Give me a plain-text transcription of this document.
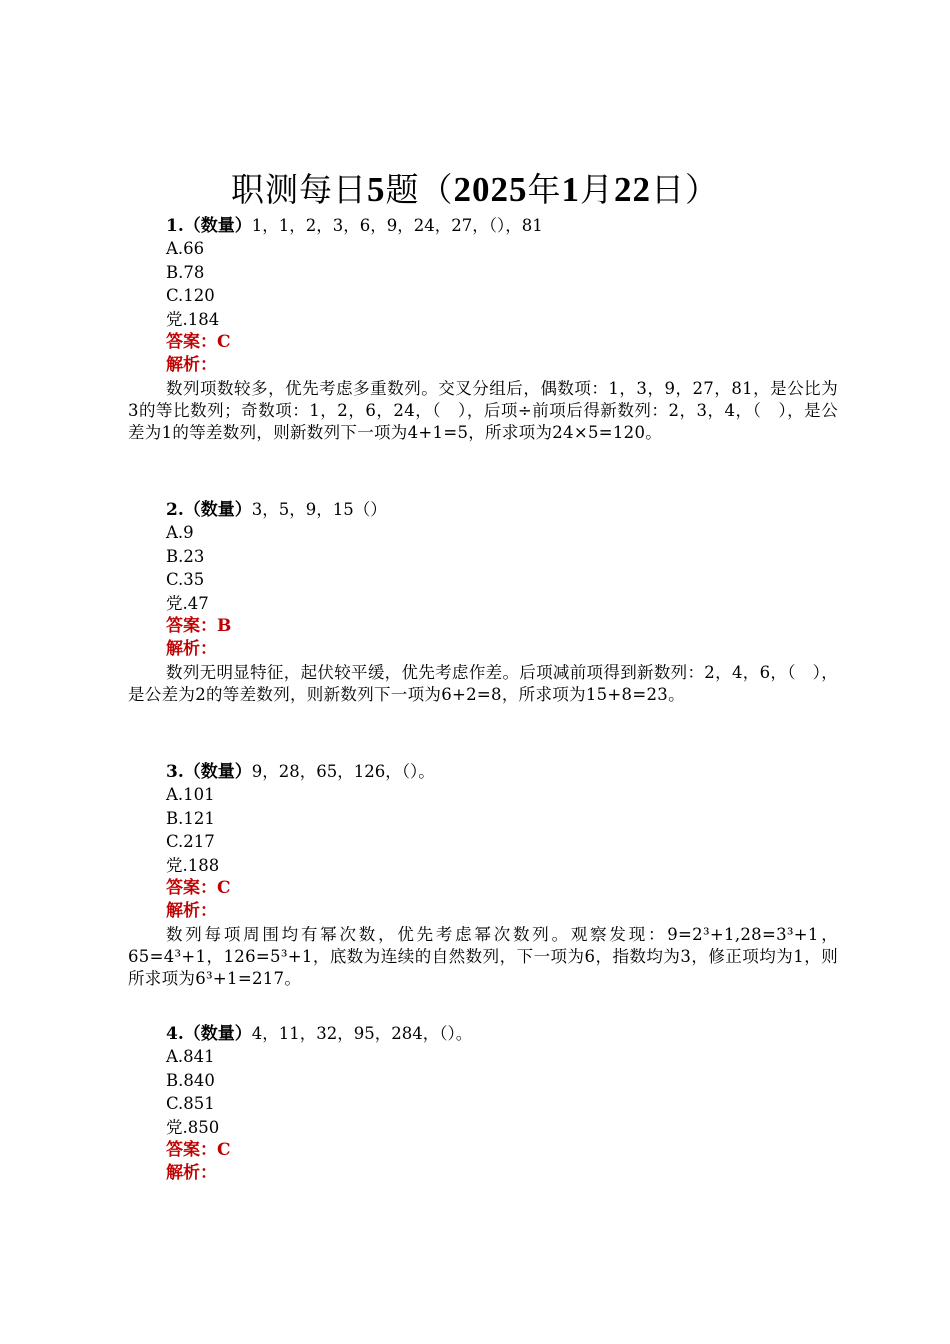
职测每日5题（2025年1月22日）
1.（数量）1，1，2，3，6，9，24，27，（），81
A.66
B.78
C.120
党.184
答案：C
解析：
数列项数较多，优先考虑多重数列。交叉分组后，偶数项：1，3，9，27，81，是公比为3的等比数列；奇数项：1，2，6，24，（　），后项÷前项后得新数列：2，3，4，（　），是公差为1的等差数列，则新数列下一项为4+1=5，所求项为24×5=120。
2.（数量）3，5，9，15（）
A.9
B.23
C.35
党.47
答案：B
解析：
数列无明显特征，起伏较平缓，优先考虑作差。后项减前项得到新数列：2，4，6，（　），是公差为2的等差数列，则新数列下一项为6+2=8，所求项为15+8=23。
3.（数量）9，28，65，126，（）。
A.101
B.121
C.217
党.188
答案：C
解析：
数列每项周围均有幂次数，优先考虑幂次数列。观察发现：9=2³+1,28=3³+1，65=4³+1，126=5³+1，底数为连续的自然数列，下一项为6，指数均为3，修正项均为1，则所求项为6³+1=217。
4.（数量）4，11，32，95，284，（）。
A.841
B.840
C.851
党.850
答案：C
解析：
